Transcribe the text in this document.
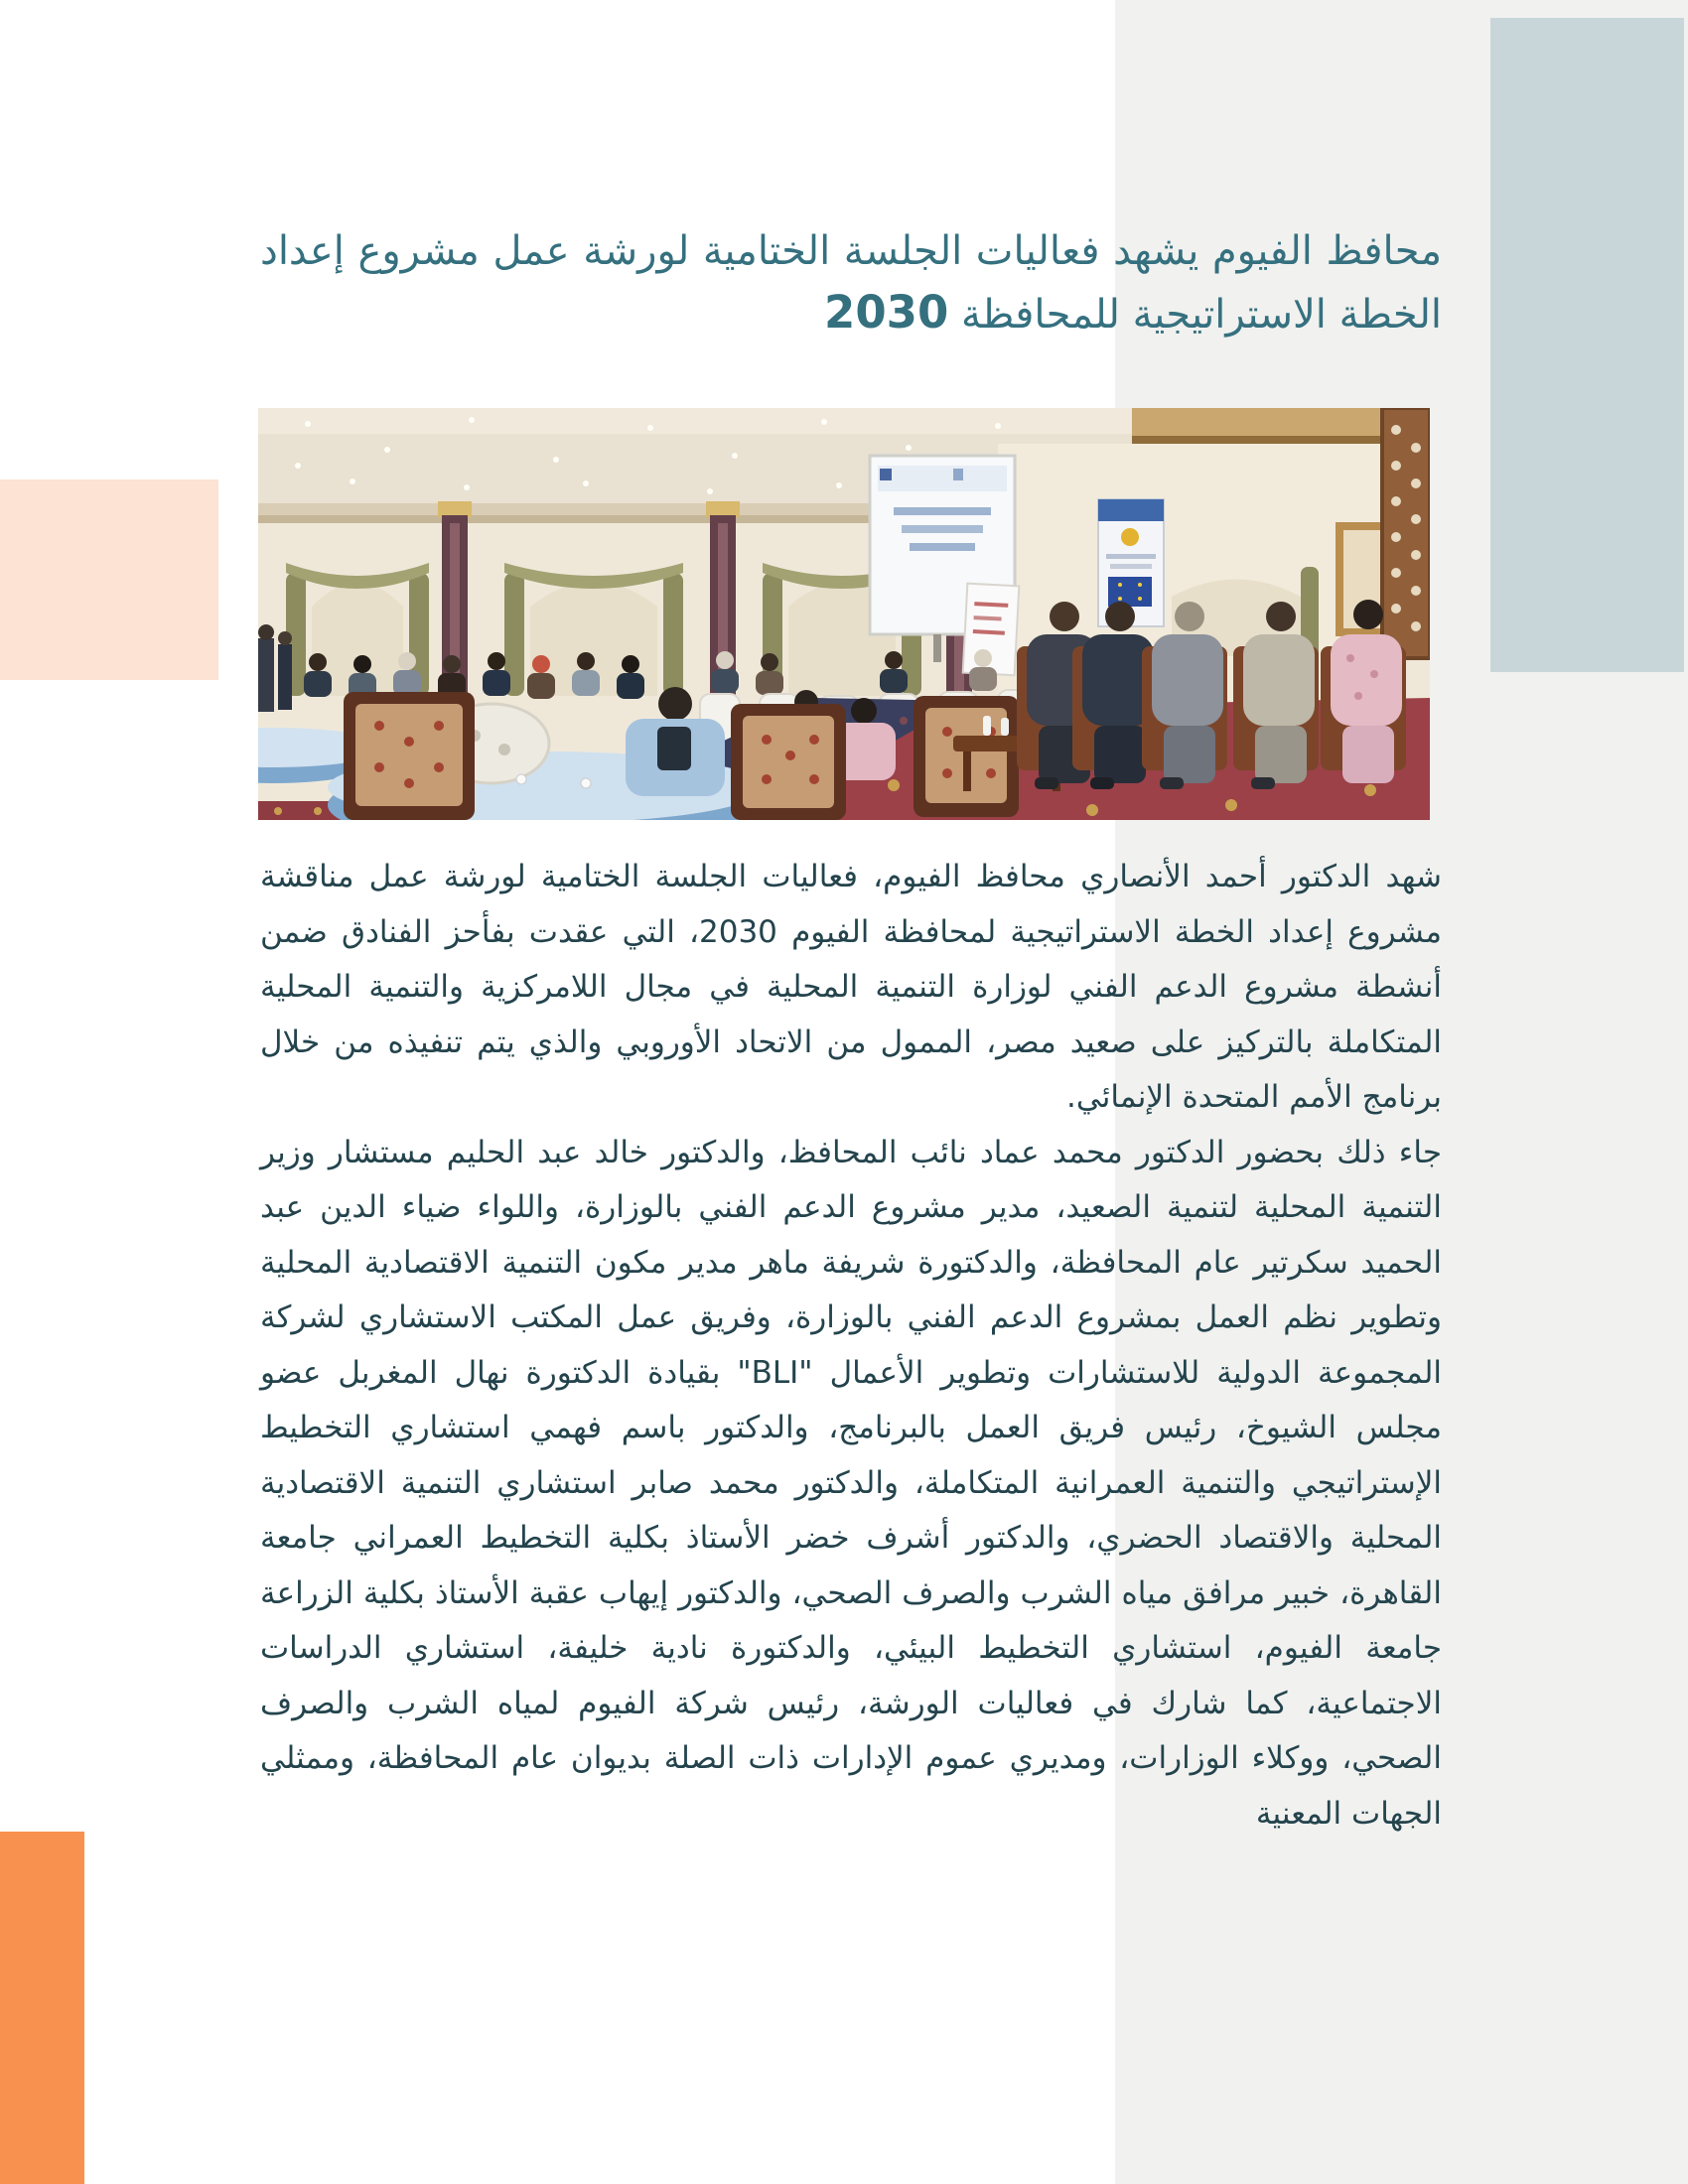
محافظ الفيوم يشهد فعاليات الجلسة الختامية لورشة عمل مشروع إعداد الخطة الاستراتيجية للمحافظة 2030

شهد الدكتور أحمد الأنصاري محافظ الفيوم، فعاليات الجلسة الختامية لورشة عمل مناقشة مشروع إعداد الخطة الاستراتيجية لمحافظة الفيوم 2030، التي عقدت بفأحز الفنادق ضمن أنشطة مشروع الدعم الفني لوزارة التنمية المحلية في مجال اللامركزية والتنمية المحلية المتكاملة بالتركيز على صعيد مصر، الممول من الاتحاد الأوروبي والذي يتم تنفيذه من خلال برنامج الأمم المتحدة الإنمائي.

جاء ذلك بحضور الدكتور محمد عماد نائب المحافظ، والدكتور خالد عبد الحليم مستشار وزير التنمية المحلية لتنمية الصعيد، مدير مشروع الدعم الفني بالوزارة، واللواء ضياء الدين عبد الحميد سكرتير عام المحافظة، والدكتورة شريفة ماهر مدير مكون التنمية الاقتصادية المحلية وتطوير نظم العمل بمشروع الدعم الفني بالوزارة، وفريق عمل المكتب الاستشاري لشركة المجموعة الدولية للاستشارات وتطوير الأعمال "BLI" بقيادة الدكتورة نهال المغربل عضو مجلس الشيوخ، رئيس فريق العمل بالبرنامج، والدكتور باسم فهمي استشاري التخطيط الإستراتيجي والتنمية العمرانية المتكاملة، والدكتور محمد صابر استشاري التنمية الاقتصادية المحلية والاقتصاد الحضري، والدكتور أشرف خضر الأستاذ بكلية التخطيط العمراني جامعة القاهرة، خبير مرافق مياه الشرب والصرف الصحي، والدكتور إيهاب عقبة الأستاذ بكلية الزراعة جامعة الفيوم، استشاري التخطيط البيئي، والدكتورة نادية خليفة، استشاري الدراسات الاجتماعية، كما شارك في فعاليات الورشة، رئيس شركة الفيوم لمياه الشرب والصرف الصحي، ووكلاء الوزارات، ومديري عموم الإدارات ذات الصلة بديوان عام المحافظة، وممثلي الجهات المعنية
